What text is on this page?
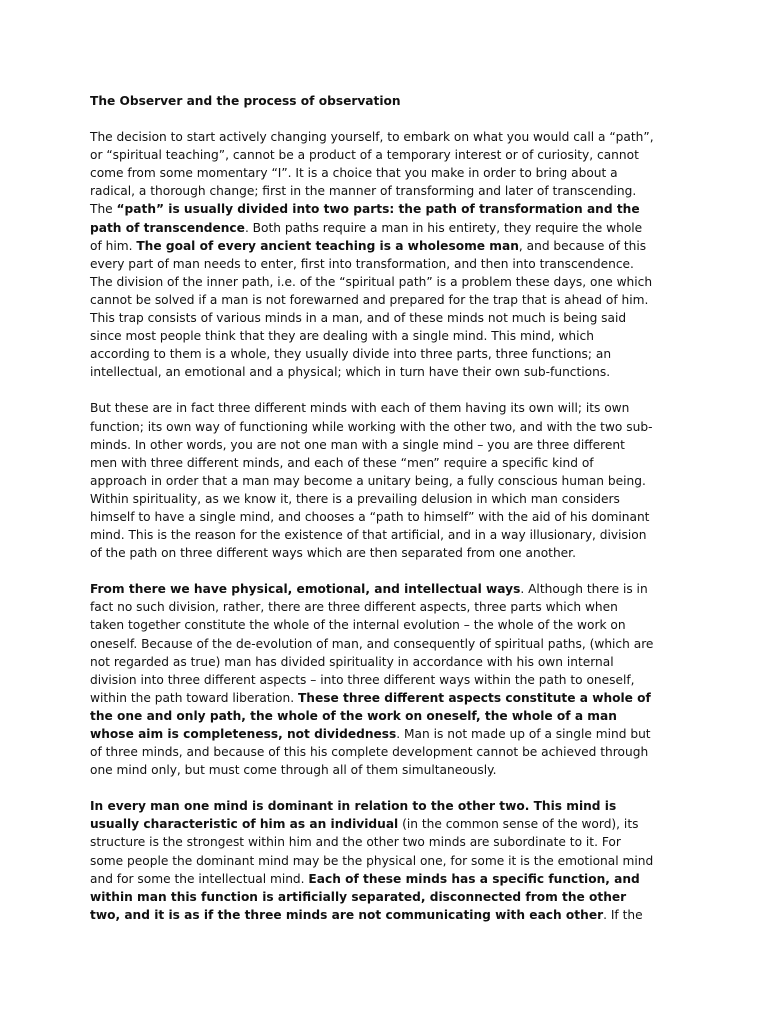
The Observer and the process of observation

The decision to start actively changing yourself, to embark on what you would call a “path”, or “spiritual teaching”, cannot be a product of a temporary interest or of curiosity, cannot come from some momentary “I”. It is a choice that you make in order to bring about a radical, a thorough change; first in the manner of transforming and later of transcending. The “path” is usually divided into two parts: the path of transformation and the path of transcendence. Both paths require a man in his entirety, they require the whole of him. The goal of every ancient teaching is a wholesome man, and because of this every part of man needs to enter, first into transformation, and then into transcendence. The division of the inner path, i.e. of the “spiritual path” is a problem these days, one which cannot be solved if a man is not forewarned and prepared for the trap that is ahead of him. This trap consists of various minds in a man, and of these minds not much is being said since most people think that they are dealing with a single mind. This mind, which according to them is a whole, they usually divide into three parts, three functions; an intellectual, an emotional and a physical; which in turn have their own sub-functions.

But these are in fact three different minds with each of them having its own will; its own function; its own way of functioning while working with the other two, and with the two sub-minds. In other words, you are not one man with a single mind – you are three different men with three different minds, and each of these “men” require a specific kind of approach in order that a man may become a unitary being, a fully conscious human being. Within spirituality, as we know it, there is a prevailing delusion in which man considers himself to have a single mind, and chooses a “path to himself” with the aid of his dominant mind. This is the reason for the existence of that artificial, and in a way illusionary, division of the path on three different ways which are then separated from one another.

From there we have physical, emotional, and intellectual ways. Although there is in fact no such division, rather, there are three different aspects, three parts which when taken together constitute the whole of the internal evolution – the whole of the work on oneself. Because of the de-evolution of man, and consequently of spiritual paths, (which are not regarded as true) man has divided spirituality in accordance with his own internal division into three different aspects – into three different ways within the path to oneself, within the path toward liberation. These three different aspects constitute a whole of the one and only path, the whole of the work on oneself, the whole of a man whose aim is completeness, not dividedness. Man is not made up of a single mind but of three minds, and because of this his complete development cannot be achieved through one mind only, but must come through all of them simultaneously.

In every man one mind is dominant in relation to the other two. This mind is usually characteristic of him as an individual (in the common sense of the word), its structure is the strongest within him and the other two minds are subordinate to it. For some people the dominant mind may be the physical one, for some it is the emotional mind and for some the intellectual mind. Each of these minds has a specific function, and within man this function is artificially separated, disconnected from the other two, and it is as if the three minds are not communicating with each other. If the
